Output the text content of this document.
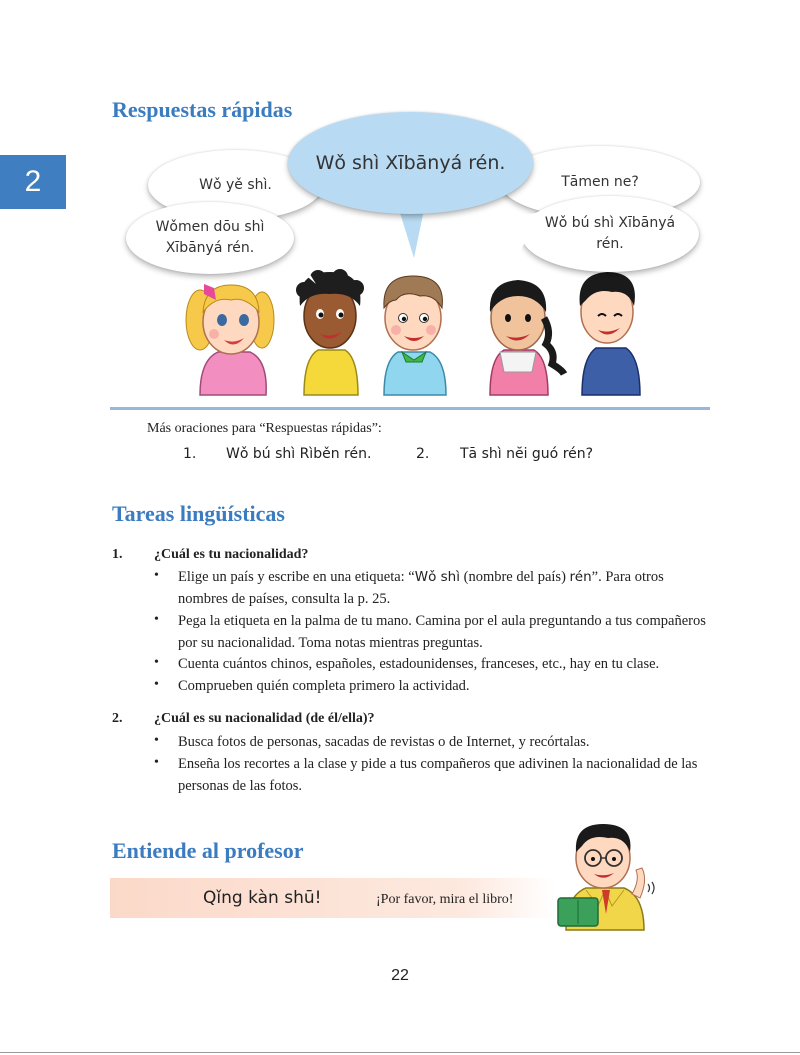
2
Respuestas rápidas
Wǒ yě shì.
Wǒmen dōu shì
Xībānyá rén.
Tāmen ne?
Wǒ bú shì Xībānyá
rén.
Wǒ shì Xībānyá rén.
Más oraciones para “Respuestas rápidas”:
1. Wǒ bú shì Rìběn rén.	2. Tā shì nĕi guó rén?
Tareas lingüísticas
1. ¿Cuál es tu nacionalidad?
• Elige un país y escribe en una etiqueta: “Wǒ shì (nombre del país) rén”. Para otros nombres de países, consulta la p. 25.
• Pega la etiqueta en la palma de tu mano. Camina por el aula preguntando a tus compañeros por su nacionalidad. Toma notas mientras preguntas.
• Cuenta cuántos chinos, españoles, estadounidenses, franceses, etc., hay en tu clase.
• Comprueben quién completa primero la actividad.
2. ¿Cuál es su nacionalidad (de él/ella)?
• Busca fotos de personas, sacadas de revistas o de Internet, y recórtalas.
• Enseña los recortes a la clase y pide a tus compañeros que adivinen la nacionalidad de las personas de las fotos.
Entiende al profesor
Qǐng kàn shū!	¡Por favor, mira el libro!
22
